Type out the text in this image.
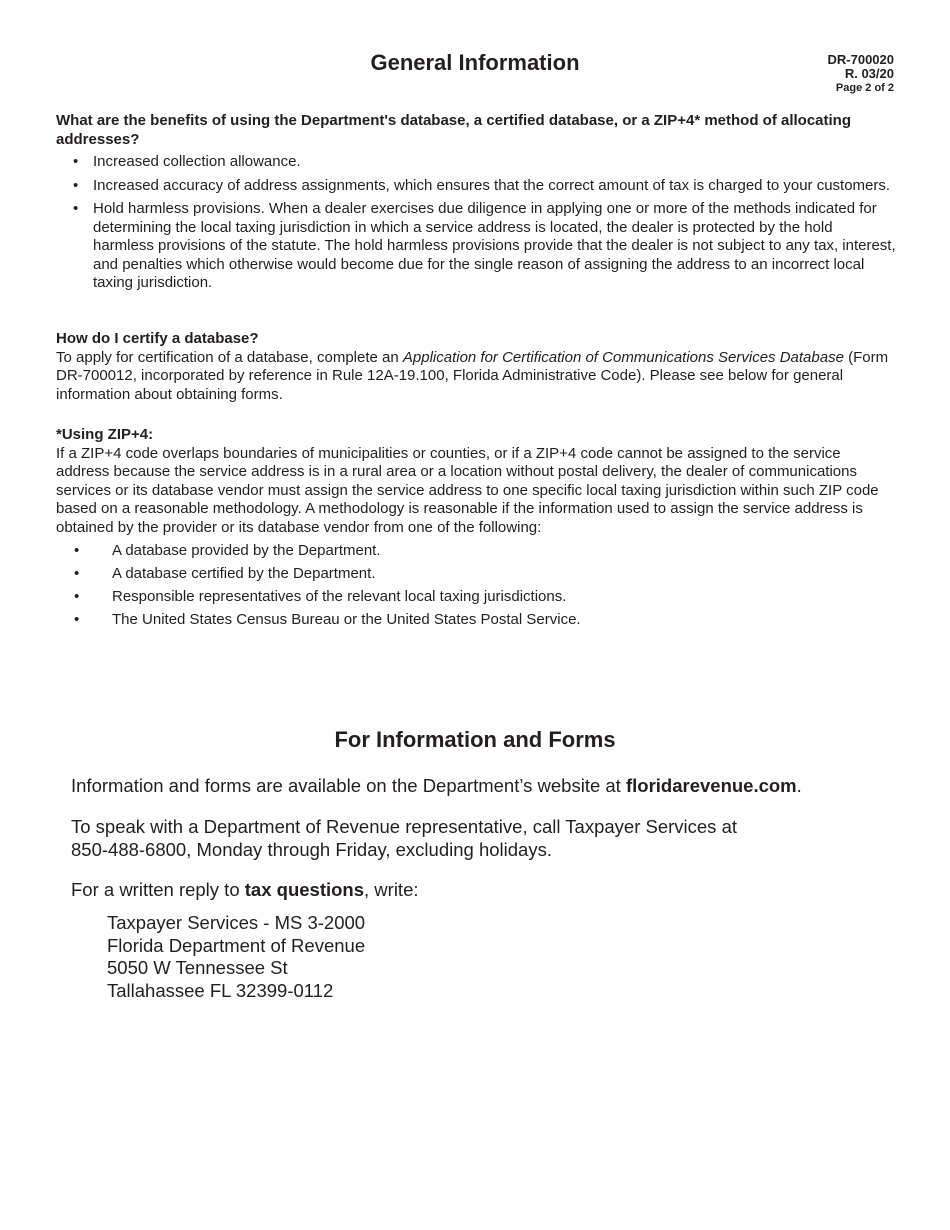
General Information	DR-700020
R. 03/20
Page 2 of 2
What are the benefits of using the Department's database, a certified database, or a ZIP+4* method of allocating addresses?
• Increased collection allowance.
• Increased accuracy of address assignments, which ensures that the correct amount of tax is charged to your customers.
• Hold harmless provisions. When a dealer exercises due diligence in applying one or more of the methods indicated for determining the local taxing jurisdiction in which a service address is located, the dealer is protected by the hold harmless provisions of the statute. The hold harmless provisions provide that the dealer is not subject to any tax, interest, and penalties which otherwise would become due for the single reason of assigning the address to an incorrect local taxing jurisdiction.
How do I certify a database?

To apply for certification of a database, complete an Application for Certification of Communications Services Database (Form DR-700012, incorporated by reference in Rule 12A-19.100, Florida Administrative Code). Please see below for general information about obtaining forms.

*Using ZIP+4:

If a ZIP+4 code overlaps boundaries of municipalities or counties, or if a ZIP+4 code cannot be assigned to the service address because the service address is in a rural area or a location without postal delivery, the dealer of communications services or its database vendor must assign the service address to one specific local taxing jurisdiction within such ZIP code based on a reasonable methodology. A methodology is reasonable if the information used to assign the service address is obtained by the provider or its database vendor from one of the following:

• A database provided by the Department.
• A database certified by the Department.
• Responsible representatives of the relevant local taxing jurisdictions.
• The United States Census Bureau or the United States Postal Service.
For Information and Forms

Information and forms are available on the Department’s website at floridarevenue.com.

To speak with a Department of Revenue representative, call Taxpayer Services at

850-488-6800, Monday through Friday, excluding holidays.

For a written reply to tax questions, write:

Taxpayer Services - MS 3-2000
Florida Department of Revenue
5050 W Tennessee St
Tallahassee FL 32399-0112
